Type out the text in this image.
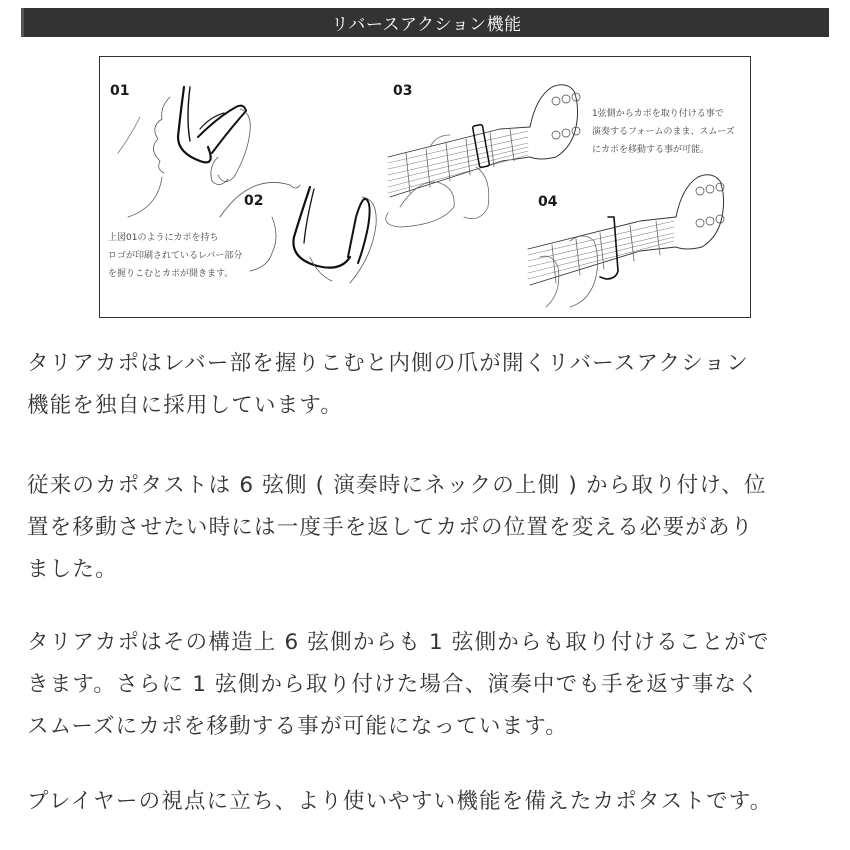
リバースアクション機能
01
02
03
04
上図01のようにカポを持ち
ロゴが印刷されているレバー部分
を握りこむとカポが開きます。
1弦側からカポを取り付ける事で
演奏するフォームのまま、スムーズ
にカポを移動する事が可能。
タリアカポはレバー部を握りこむと内側の爪が開くリバースアクション
機能を独自に採用しています。
従来のカポタストは 6 弦側 ( 演奏時にネックの上側 ) から取り付け、位
置を移動させたい時には一度手を返してカポの位置を変える必要があり
ました。
タリアカポはその構造上 6 弦側からも 1 弦側からも取り付けることがで
きます。さらに 1 弦側から取り付けた場合、演奏中でも手を返す事なく
スムーズにカポを移動する事が可能になっています。
プレイヤーの視点に立ち、より使いやすい機能を備えたカポタストです。
